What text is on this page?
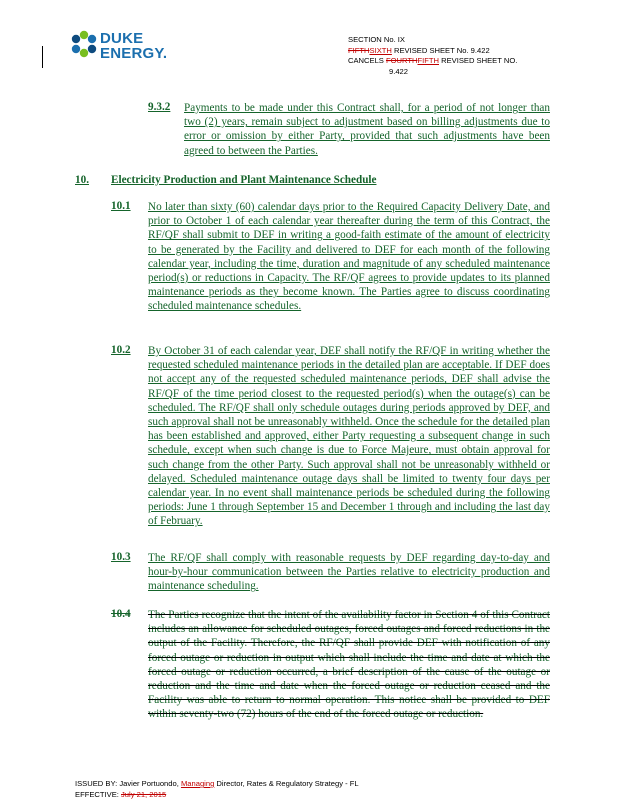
DUKE
ENERGY.
SECTION No. IX
FIFTHSIXTH REVISED SHEET No. 9.422
CANCELS FOURTHFIFTH REVISED SHEET NO.
9.422
9.3.2 Payments to be made under this Contract shall, for a period of not longer than two (2) years, remain subject to adjustment based on billing adjustments due to error or omission by either Party, provided that such adjustments have been agreed to between the Parties.

10. Electricity Production and Plant Maintenance Schedule
10.1 No later than sixty (60) calendar days prior to the Required Capacity Delivery Date, and prior to October 1 of each calendar year thereafter during the term of this Contract, the RF/QF shall submit to DEF in writing a good-faith estimate of the amount of electricity to be generated by the Facility and delivered to DEF for each month of the following calendar year, including the time, duration and magnitude of any scheduled maintenance period(s) or reductions in Capacity. The RF/QF agrees to provide updates to its planned maintenance periods as they become known. The Parties agree to discuss coordinating scheduled maintenance schedules.

10.2 By October 31 of each calendar year, DEF shall notify the RF/QF in writing whether the requested scheduled maintenance periods in the detailed plan are acceptable. If DEF does not accept any of the requested scheduled maintenance periods, DEF shall advise the RF/QF of the time period closest to the requested period(s) when the outage(s) can be scheduled. The RF/QF shall only schedule outages during periods approved by DEF, and such approval shall not be unreasonably withheld. Once the schedule for the detailed plan has been established and approved, either Party requesting a subsequent change in such schedule, except when such change is due to Force Majeure, must obtain approval for such change from the other Party. Such approval shall not be unreasonably withheld or delayed. Scheduled maintenance outage days shall be limited to twenty four days per calendar year. In no event shall maintenance periods be scheduled during the following periods: June 1 through September 15 and December 1 through and including the last day of February.

10.3 The RF/QF shall comply with reasonable requests by DEF regarding day-to-day and hour-by-hour communication between the Parties relative to electricity production and maintenance scheduling.

10.4 The Parties recognize that the intent of the availability factor in Section 4 of this Contract includes an allowance for scheduled outages, forced outages and forced reductions in the output of the Facility. Therefore, the RF/QF shall provide DEF with notification of any forced outage or reduction in output which shall include the time and date at which the forced outage or reduction occurred, a brief description of the cause of the outage or reduction and the time and date when the forced outage or reduction ceased and the Facility was able to return to normal operation. This notice shall be provided to DEF within seventy-two (72) hours of the end of the forced outage or reduction.

ISSUED BY: Javier Portuondo, Managing Director, Rates & Regulatory Strategy - FL
EFFECTIVE: July 21, 2015
